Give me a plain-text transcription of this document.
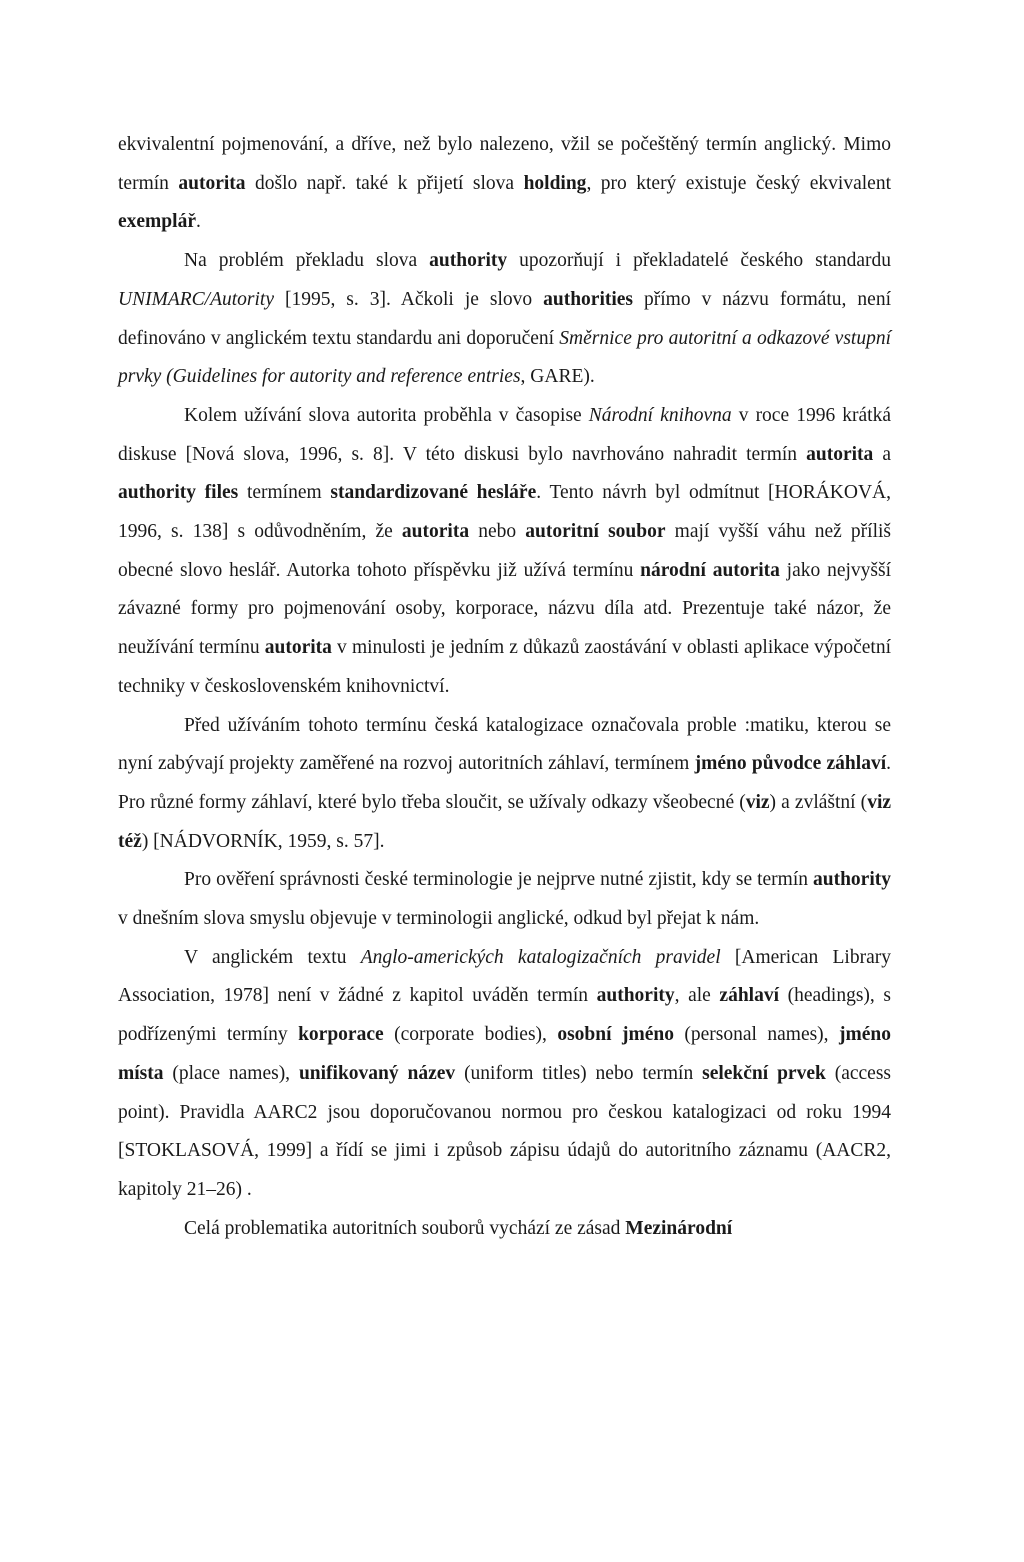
ekvivalentní pojmenování, a dříve, než bylo nalezeno, vžil se počeštěný termín anglický. Mimo termín autorita došlo např. také k přijetí slova holding, pro který existuje český ekvivalent exemplář.

Na problém překladu slova authority upozorňují i překladatelé českého standardu UNIMARC/Autority [1995, s. 3]. Ačkoli je slovo authorities přímo v názvu formátu, není definováno v anglickém textu standardu ani doporučení Směrnice pro autoritní a odkazové vstupní prvky (Guidelines for autority and reference entries, GARE).

Kolem užívání slova autorita proběhla v časopise Národní knihovna v roce 1996 krátká diskuse [Nová slova, 1996, s. 8]. V této diskusi bylo navrhováno nahradit termín autorita a authority files termínem standardizované hesláře. Tento návrh byl odmítnut [HORÁKOVÁ, 1996, s. 138] s odůvodněním, že autorita nebo autoritní soubor mají vyšší váhu než příliš obecné slovo heslář. Autorka tohoto příspěvku již užívá termínu národní autorita jako nejvyšší závazné formy pro pojmenování osoby, korporace, názvu díla atd. Prezentuje také názor, že neužívání termínu autorita v minulosti je jedním z důkazů zaostávání v oblasti aplikace výpočetní techniky v československém knihovnictví.

Před užíváním tohoto termínu česká katalogizace označovala proble :matiku, kterou se nyní zabývají projekty zaměřené na rozvoj autoritních záhlaví, termínem jméno původce záhlaví. Pro různé formy záhlaví, které bylo třeba sloučit, se užívaly odkazy všeobecné (viz) a zvláštní (viz též) [NÁDVORNÍK, 1959, s. 57].

Pro ověření správnosti české terminologie je nejprve nutné zjistit, kdy se termín authority v dnešním slova smyslu objevuje v terminologii anglické, odkud byl přejat k nám.

V anglickém textu Anglo-amerických katalogizačních pravidel [American Library Association, 1978] není v žádné z kapitol uváděn termín authority, ale záhlaví (headings), s podřízenými termíny korporace (corporate bodies), osobní jméno (personal names), jméno místa (place names), unifikovaný název (uniform titles) nebo termín selekční prvek (access point). Pravidla AARC2 jsou doporučovanou normou pro českou katalogizaci od roku 1994 [STOKLASOVÁ, 1999] a řídí se jimi i způsob zápisu údajů do autoritního záznamu (AACR2, kapitoly 21–26) .

Celá problematika autoritních souborů vychází ze zásad Mezinárodní
